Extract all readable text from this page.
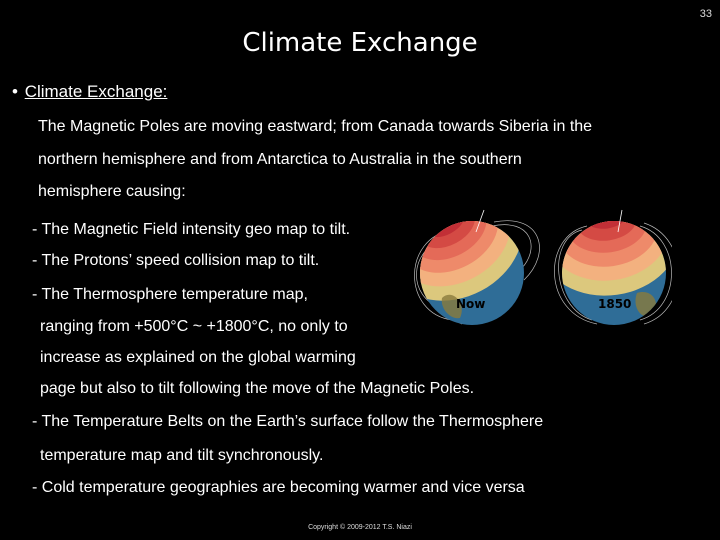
33
Climate Exchange
• Climate Exchange:
The Magnetic Poles are moving eastward; from Canada towards Siberia in the
northern hemisphere and from Antarctica to Australia in the southern
hemisphere causing:
- The Magnetic Field intensity geo map to tilt.
- The Protons’ speed collision map to tilt.
- The Thermosphere temperature map,
ranging from +500°C ~ +1800°C, no only to
increase as explained on the global warming
page but also to tilt following the move of the Magnetic Poles.
- The Temperature Belts on the Earth’s surface follow the Thermosphere
temperature map and tilt synchronously.
- Cold temperature geographies are becoming warmer and vice versa
Now	1850
Copyright © 2009-2012 T.S. Niazi
